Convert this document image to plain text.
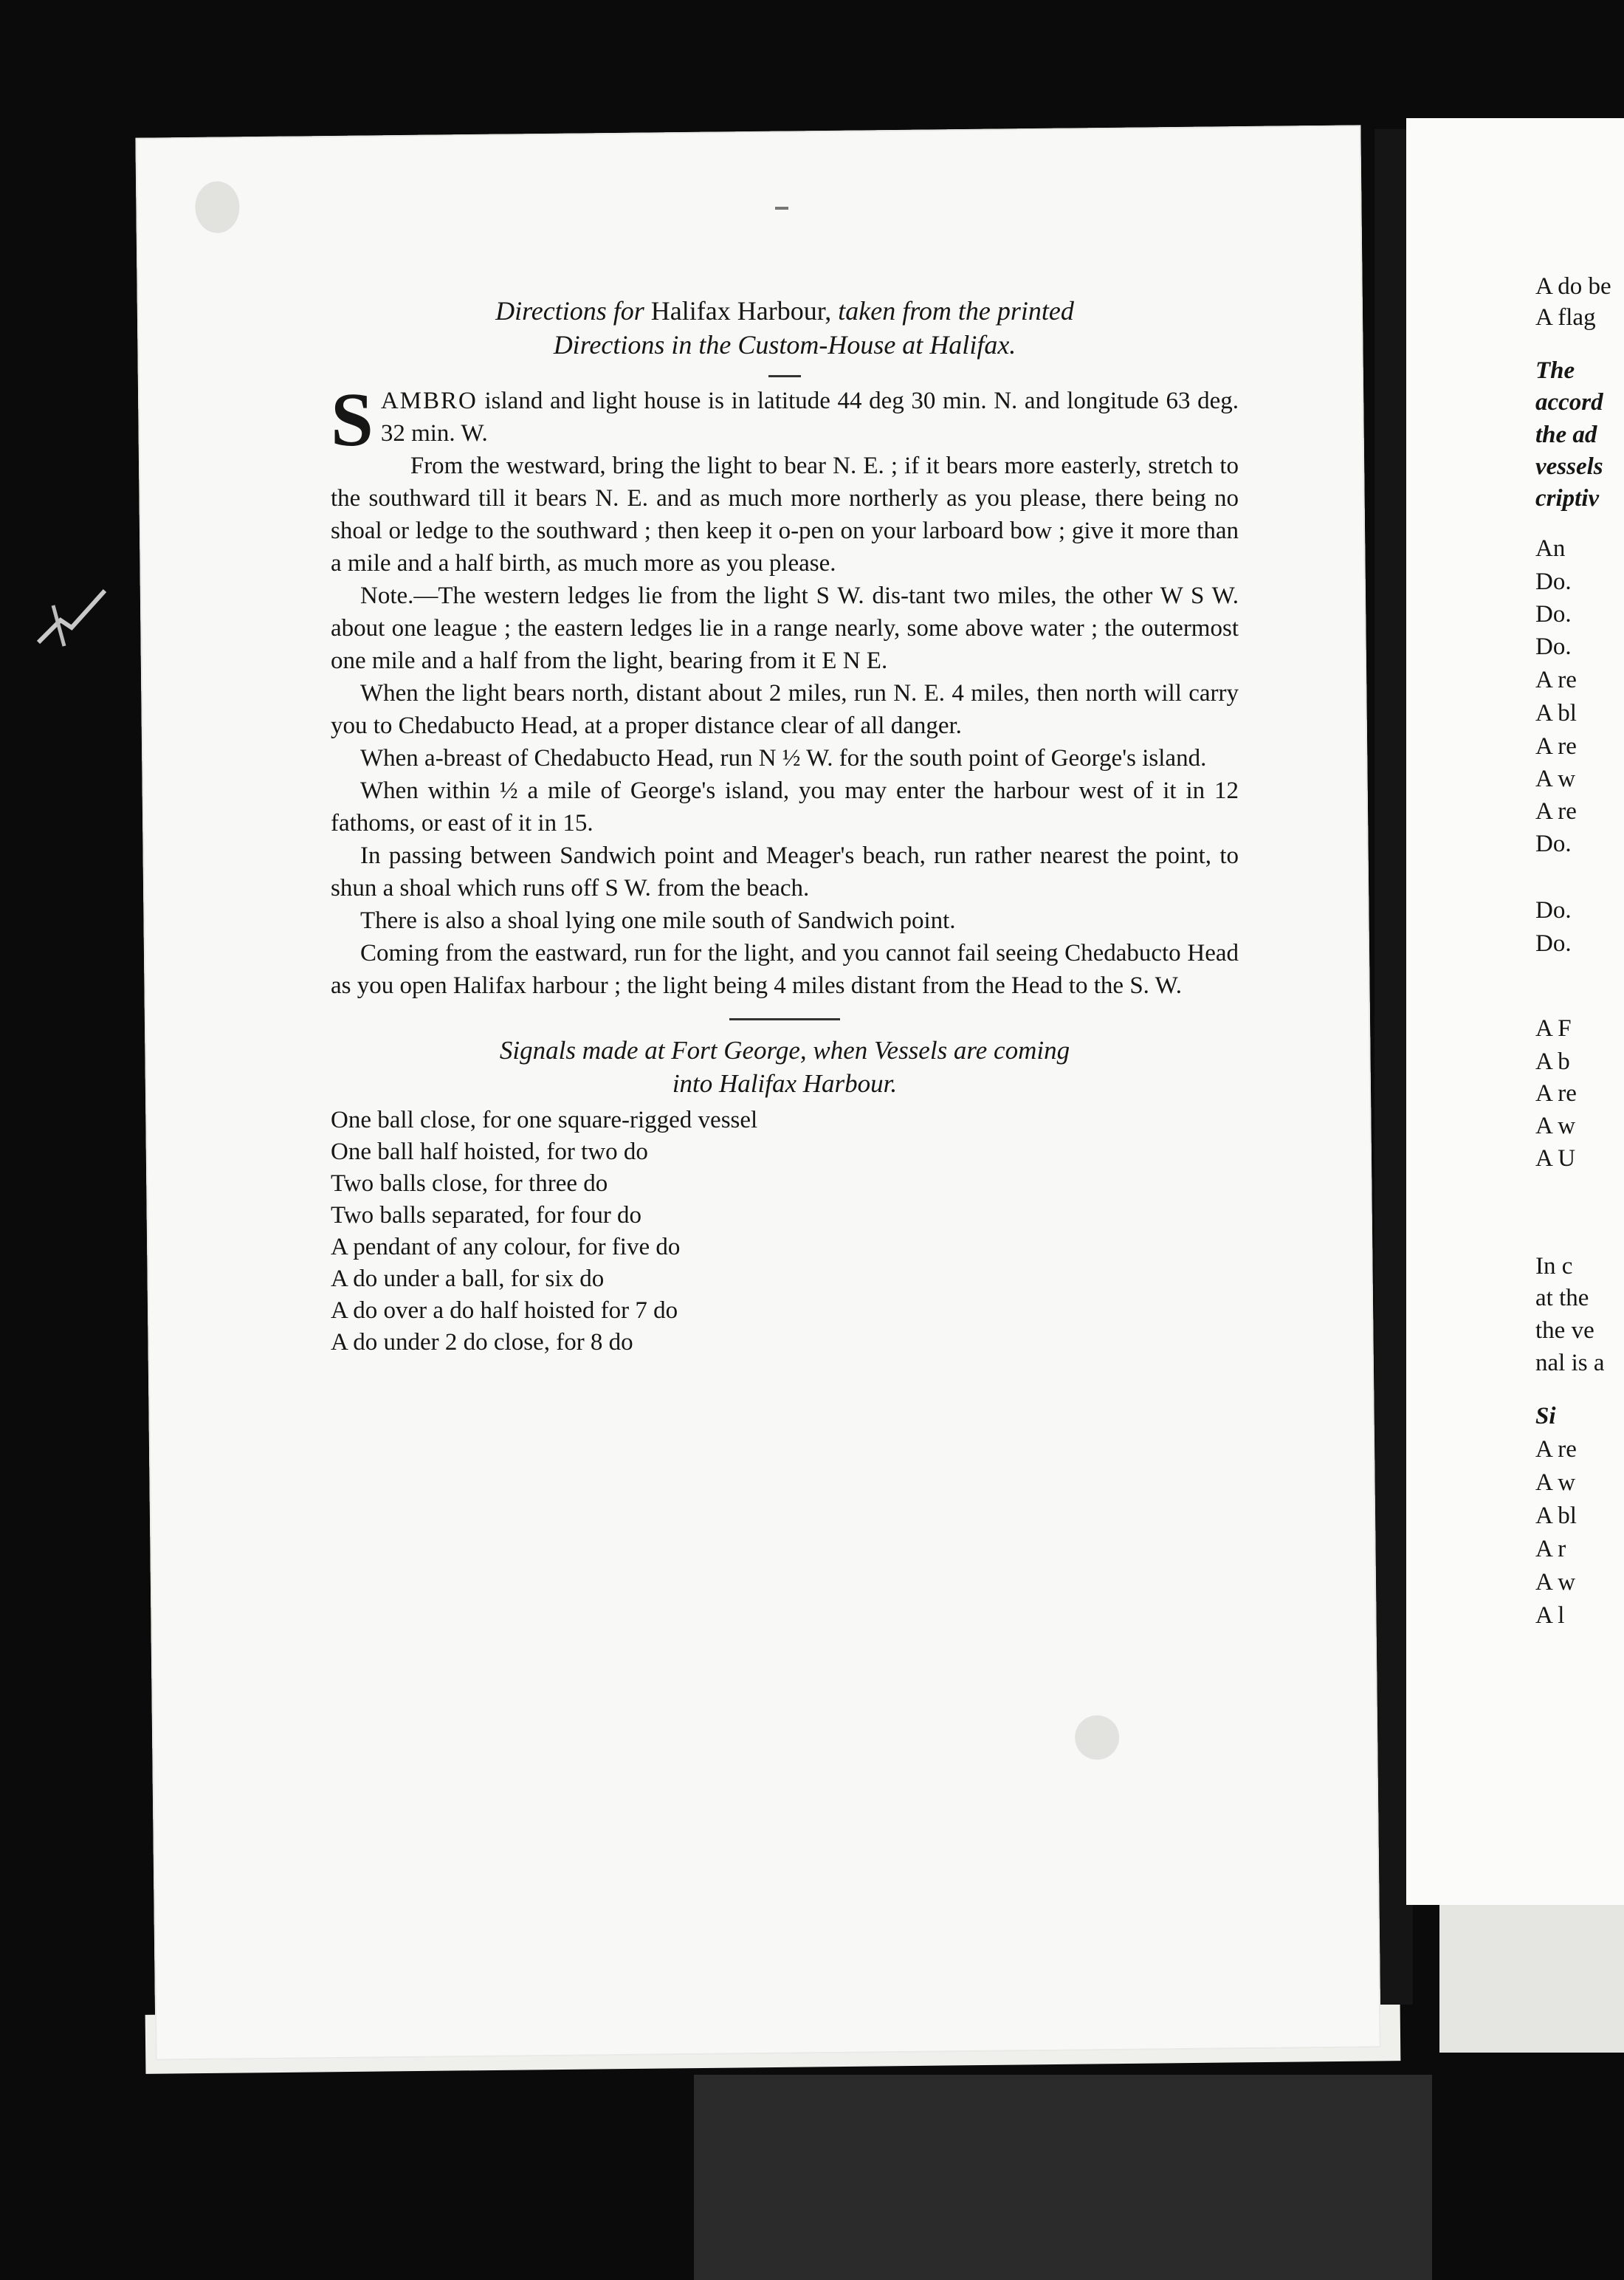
Directions for Halifax Harbour, taken from the printed
Directions in the Custom-House at Halifax.

SAMBRO island and light house is in latitude 44 deg 30 min. N. and longitude 63 deg. 32 min. W.

From the westward, bring the light to bear N. E. ; if it bears more easterly, stretch to the southward till it bears N. E. and as much more northerly as you please, there being no shoal or ledge to the southward ; then keep it o-pen on your larboard bow ; give it more than a mile and a half birth, as much more as you please.

Note.—The western ledges lie from the light S W. dis-tant two miles, the other W S W. about one league ; the eastern ledges lie in a range nearly, some above water ; the outermost one mile and a half from the light, bearing from it E N E.

When the light bears north, distant about 2 miles, run N. E. 4 miles, then north will carry you to Chedabucto Head, at a proper distance clear of all danger.

When a-breast of Chedabucto Head, run N ½ W. for the south point of George's island.

When within ½ a mile of George's island, you may enter the harbour west of it in 12 fathoms, or east of it in 15.

In passing between Sandwich point and Meager's beach, run rather nearest the point, to shun a shoal which runs off S W. from the beach.

There is also a shoal lying one mile south of Sandwich point.

Coming from the eastward, run for the light, and you cannot fail seeing Chedabucto Head as you open Halifax harbour ; the light being 4 miles distant from the Head to the S. W.

Signals made at Fort George, when Vessels are coming
into Halifax Harbour.
One ball close, for one square-rigged vessel
One ball half hoisted, for two do
Two balls close, for three do
Two balls separated, for four do
A pendant of any colour, for five do
A do under a ball, for six do
A do over a do half hoisted for 7 do
A do under 2 do close, for 8 do
A do be
A flag
The
accord
the ad
vessels
criptiv
An
Do.
Do.
Do.
A re
A bl
A re
A w
A re
Do.
Do.
Do.
A F
A b
A re
A w
A U
In c
at the
the ve
nal is a
Si
A re
A w
A bl
A r
A w
A l
